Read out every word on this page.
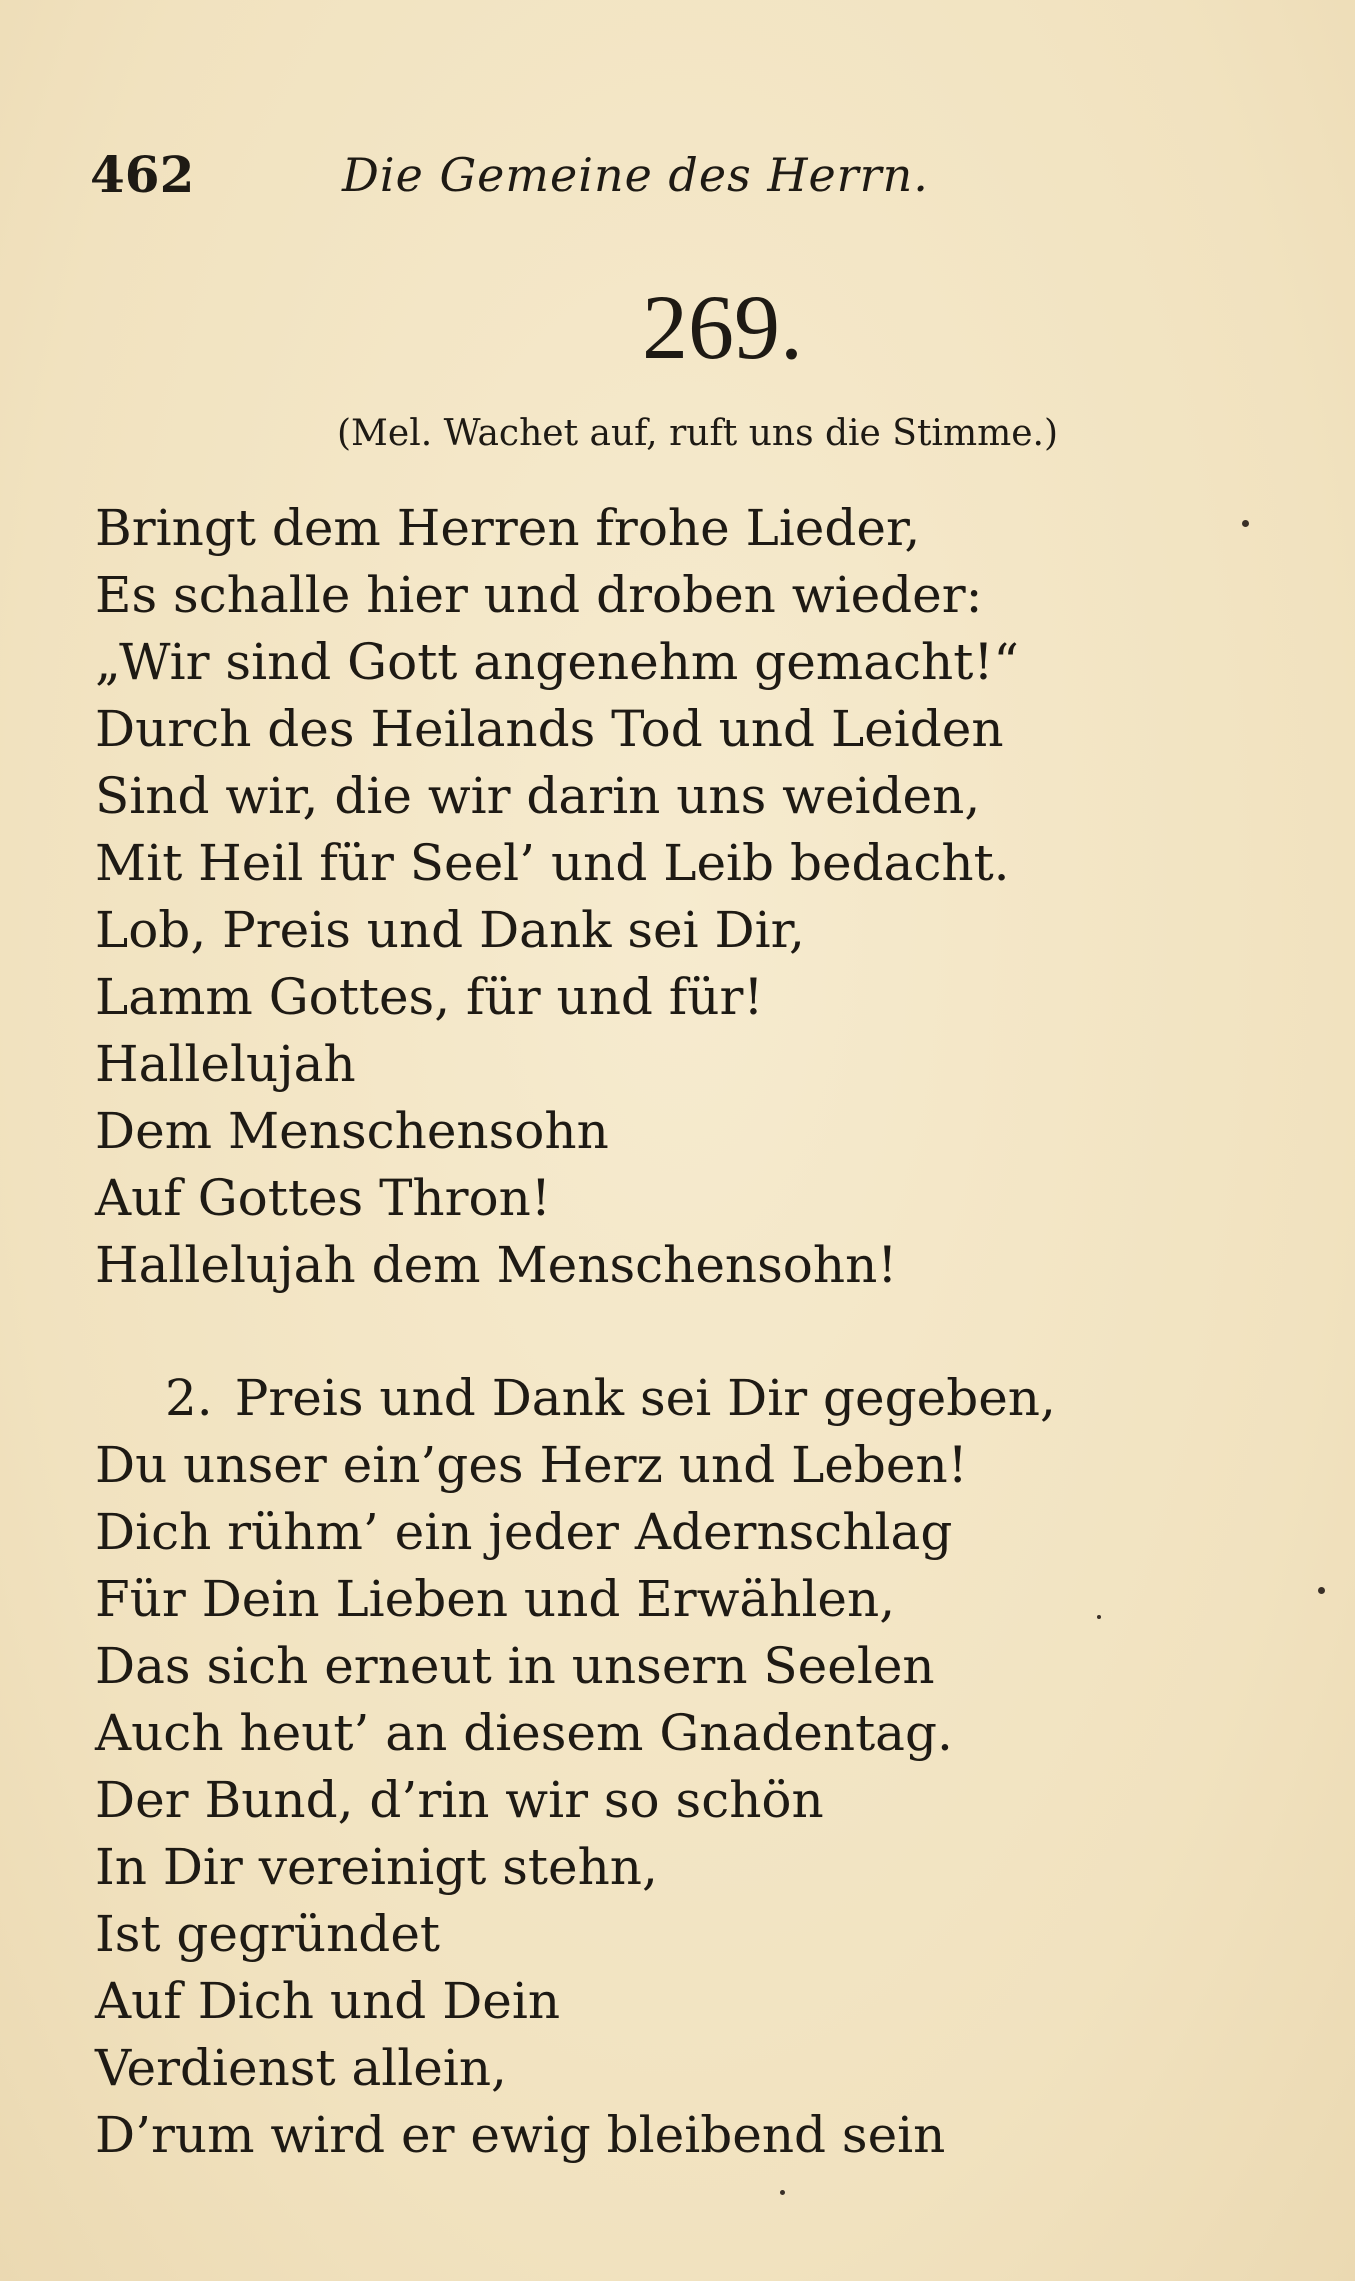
462	Die Gemeine des Herrn.
269.
(Mel. Wachet auf, ruft uns die Stimme.)
Bringt dem Herren frohe Lieder,
Es schalle hier und droben wieder:
„Wir sind Gott angenehm gemacht!“
Durch des Heilands Tod und Leiden
Sind wir, die wir darin uns weiden,
Mit Heil für Seel’ und Leib bedacht.
Lob, Preis und Dank sei Dir,
Lamm Gottes, für und für!
Hallelujah
Dem Menschensohn
Auf Gottes Thron!
Hallelujah dem Menschensohn!
2. Preis und Dank sei Dir gegeben,
Du unser ein’ges Herz und Leben!
Dich rühm’ ein jeder Adernschlag
Für Dein Lieben und Erwählen,
Das sich erneut in unsern Seelen
Auch heut’ an diesem Gnadentag.
Der Bund, d’rin wir so schön
In Dir vereinigt stehn,
Ist gegründet
Auf Dich und Dein
Verdienst allein,
D’rum wird er ewig bleibend sein
